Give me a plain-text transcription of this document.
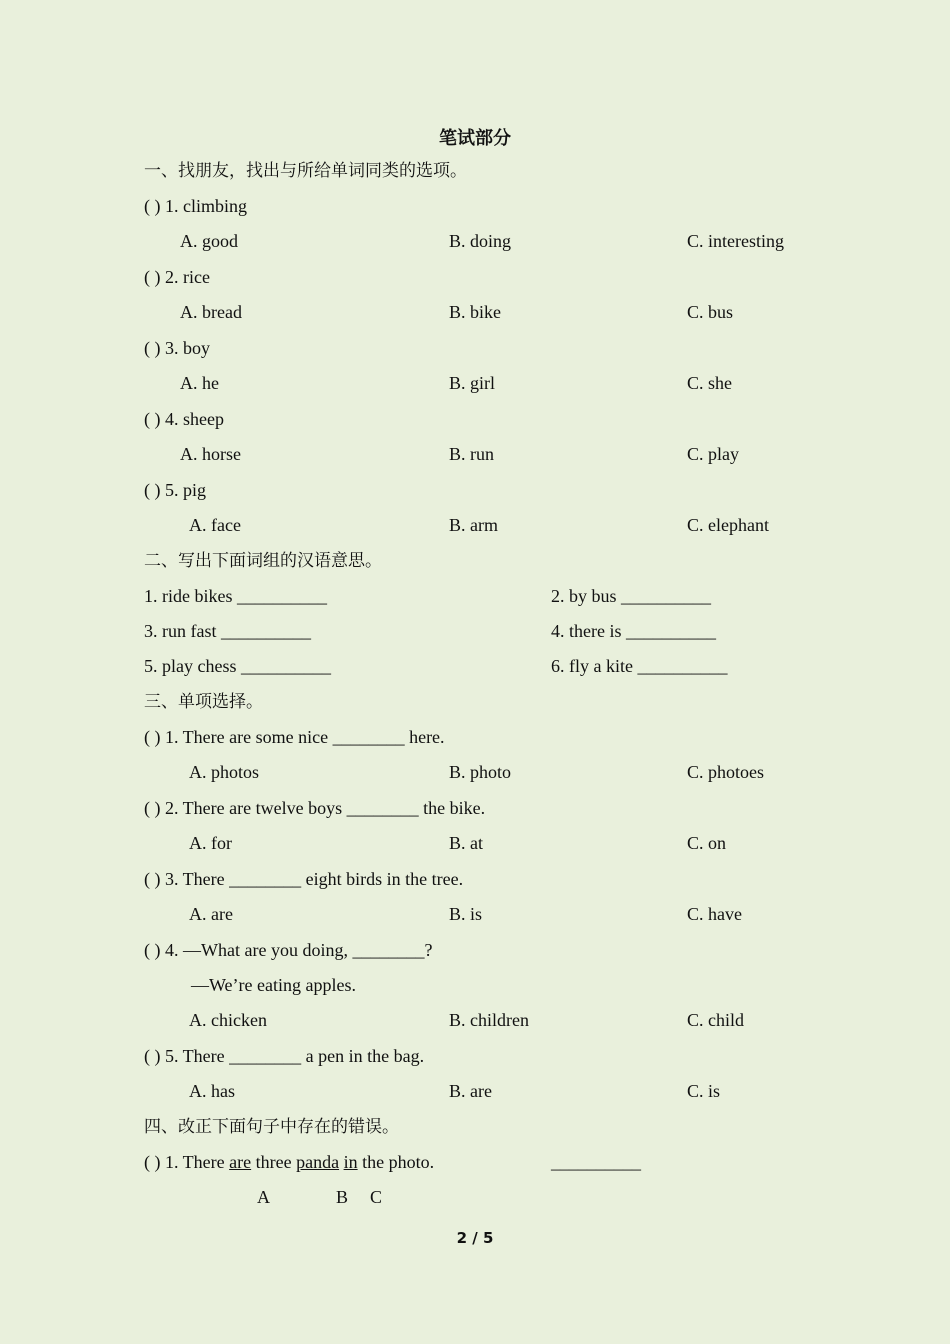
笔试部分
一、找朋友，找出与所给单词同类的选项。
( ) 1. climbing
A. good	B. doing	C. interesting
( ) 2. rice
A. bread	B. bike	C. bus
( ) 3. boy
A. he	B. girl	C. she
( ) 4. sheep
A. horse	B. run	C. play
( ) 5. pig
A. face	B. arm	C. elephant
二、写出下面词组的汉语意思。
1. ride bikes __________	2. by bus __________
3. run fast __________	4. there is __________
5. play chess __________	6. fly a kite __________
三、单项选择。
( ) 1. There are some nice ________ here.
A. photos	B. photo	C. photoes
( ) 2. There are twelve boys ________ the bike.
A. for	B. at	C. on
( ) 3. There ________ eight birds in the tree.
A. are	B. is	C. have
( ) 4. —What are you doing, ________?
—We’re eating apples.
A. chicken	B. children	C. child
( ) 5. There ________ a pen in the bag.
A. has	B. are	C. is
四、改正下面句子中存在的错误。
( ) 1. There are three panda in the photo.	__________
A	B C
2 / 5
